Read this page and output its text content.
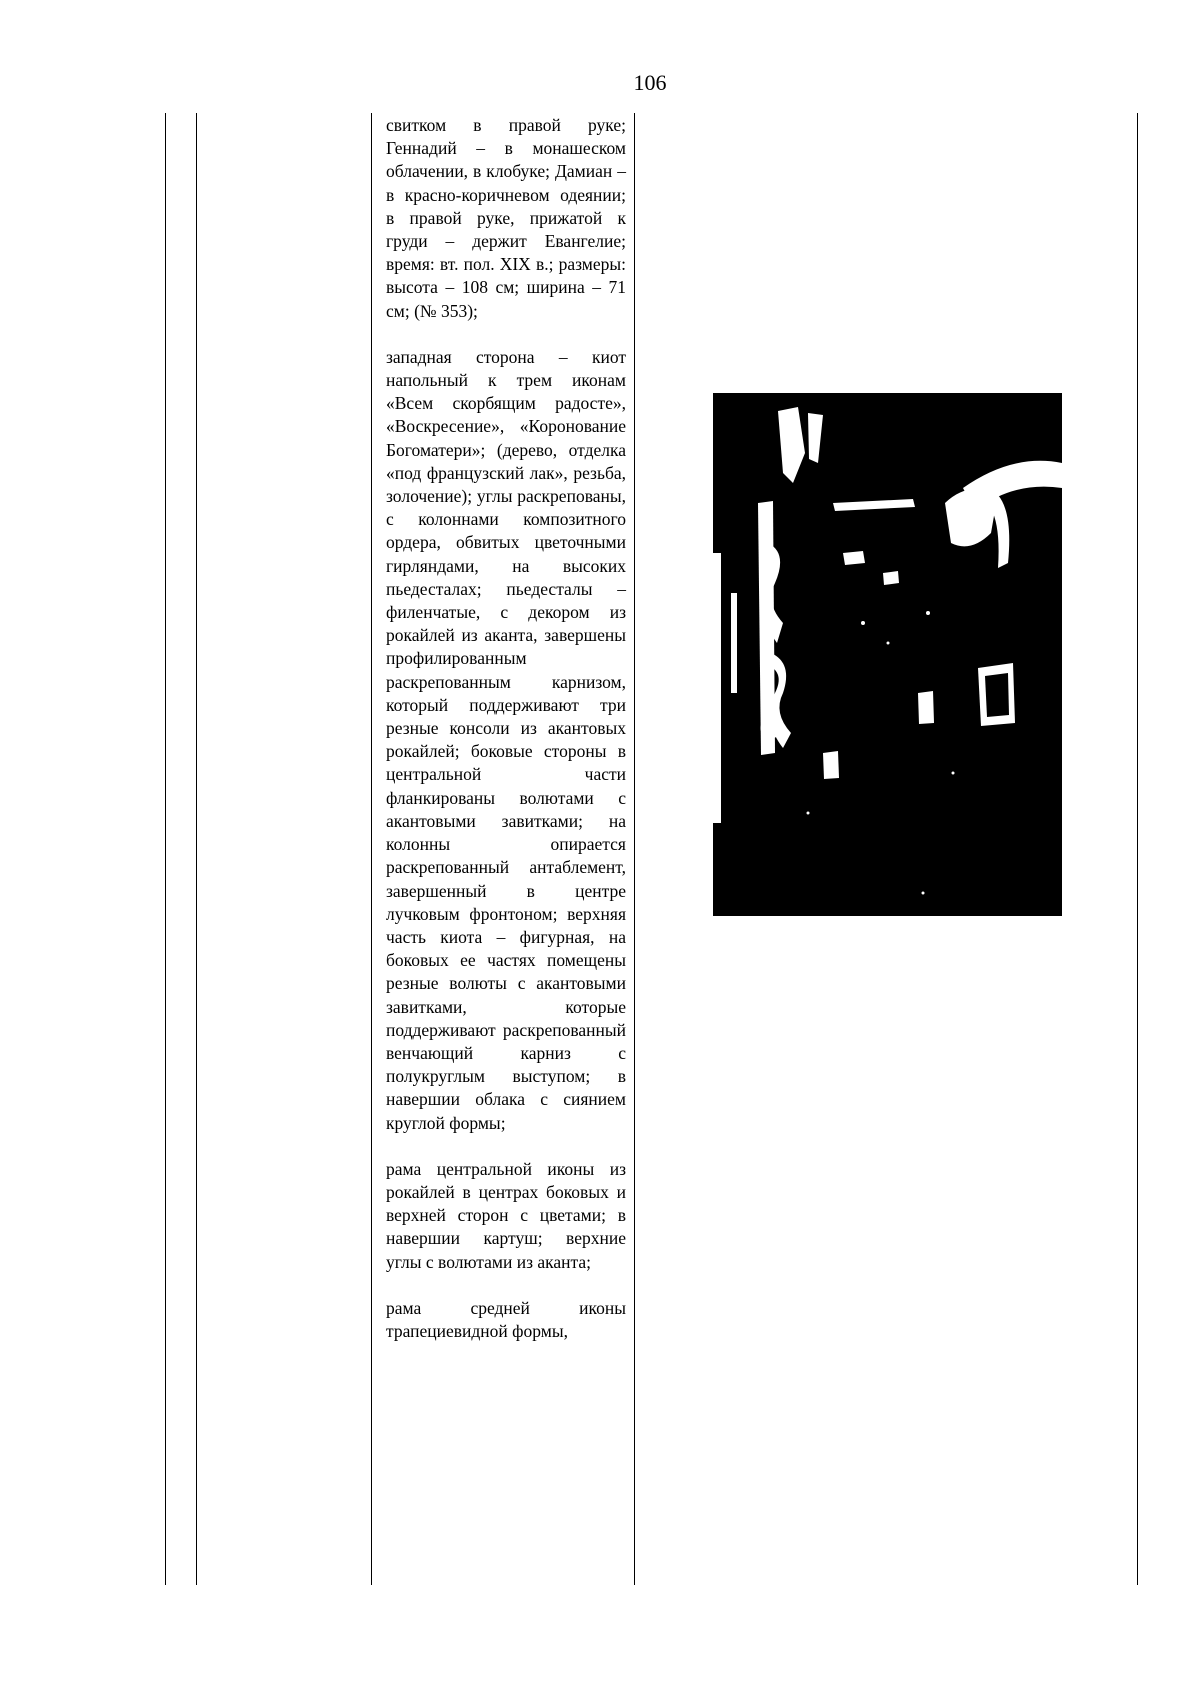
106

свитком в правой руке; Геннадий – в монашеском облачении, в клобуке; Дамиан – в красно-коричневом одеянии; в правой руке, прижатой к груди – держит Евангелие; время: вт. пол. XIX в.; размеры: высота – 108 см; ширина – 71 см; (№ 353);

западная сторона – киот напольный к трем иконам «Всем скорбящим радосте», «Воскресение», «Коронование Богоматери»; (дерево, отделка «под французский лак», резьба, золочение); углы раскрепованы, с колоннами композитного ордера, обвитых цветочными гирляндами, на высоких пьедесталах; пьедесталы – филенчатые, с декором из рокайлей из аканта, завершены профилированным раскрепованным карнизом, который поддерживают три резные консоли из акантовых рокайлей; боковые стороны в центральной части фланкированы волютами с акантовыми завитками; на колонны опирается раскрепованный антаблемент, завершенный в центре лучковым фронтоном; верхняя часть киота – фигурная, на боковых ее частях помещены резные волюты с акантовыми завитками, которые поддерживают раскрепованный венчающий карниз с полукруглым выступом; в навершии облака с сиянием круглой формы;

рама центральной иконы из рокайлей в центрах боковых и верхней сторон с цветами; в навершии картуш; верхние углы с волютами из аканта;

рама средней иконы трапециевидной формы,
